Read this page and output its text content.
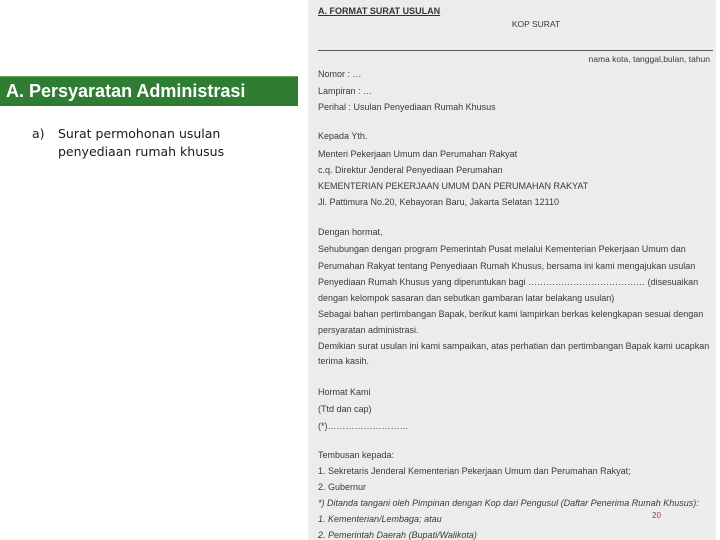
A. Persyaratan Administrasi
a)	Surat permohonan usulan penyediaan rumah khusus
A. FORMAT SURAT USULAN
KOP SURAT
nama kota, tanggal,bulan, tahun
Nomor : …
Lampiran : …
Perihal : Usulan Penyediaan Rumah Khusus
Kepada Yth.
Menteri Pekerjaan Umum dan Perumahan Rakyat
c.q. Direktur Jenderal Penyediaan Perumahan
KEMENTERIAN PEKERJAAN UMUM DAN PERUMAHAN RAKYAT
Jl. Pattimura No.20, Kebayoran Baru, Jakarta Selatan 12110
Dengan hormat,
Sehubungan dengan program Pemerintah Pusat melalui Kementerian Pekerjaan Umum dan
Perumahan Rakyat tentang Penyediaan Rumah Khusus, bersama ini kami mengajukan usulan
Penyediaan Rumah Khusus yang diperuntukan bagi ………………………………… (disesuaikan
dengan kelompok sasaran dan sebutkan gambaran latar belakang usulan)
Sebagai bahan pertimbangan Bapak, berikut kami lampirkan berkas kelengkapan sesuai dengan
persyaratan administrasi.
Demikian surat usulan ini kami sampaikan, atas perhatian dan pertimbangan Bapak kami ucapkan
terima kasih.
Hormat Kami
(Ttd dan cap)
(*)………………………
Tembusan kepada:
1. Sekretaris Jenderal Kementerian Pekerjaan Umum dan Perumahan Rakyat;
2. Gubernur
*) Ditanda tangani oleh Pimpinan dengan Kop dari Pengusul (Daftar Penerima Rumah Khusus):
1. Kementerian/Lembaga; atau
2. Pemerintah Daerah (Bupati/Walikota)
20
